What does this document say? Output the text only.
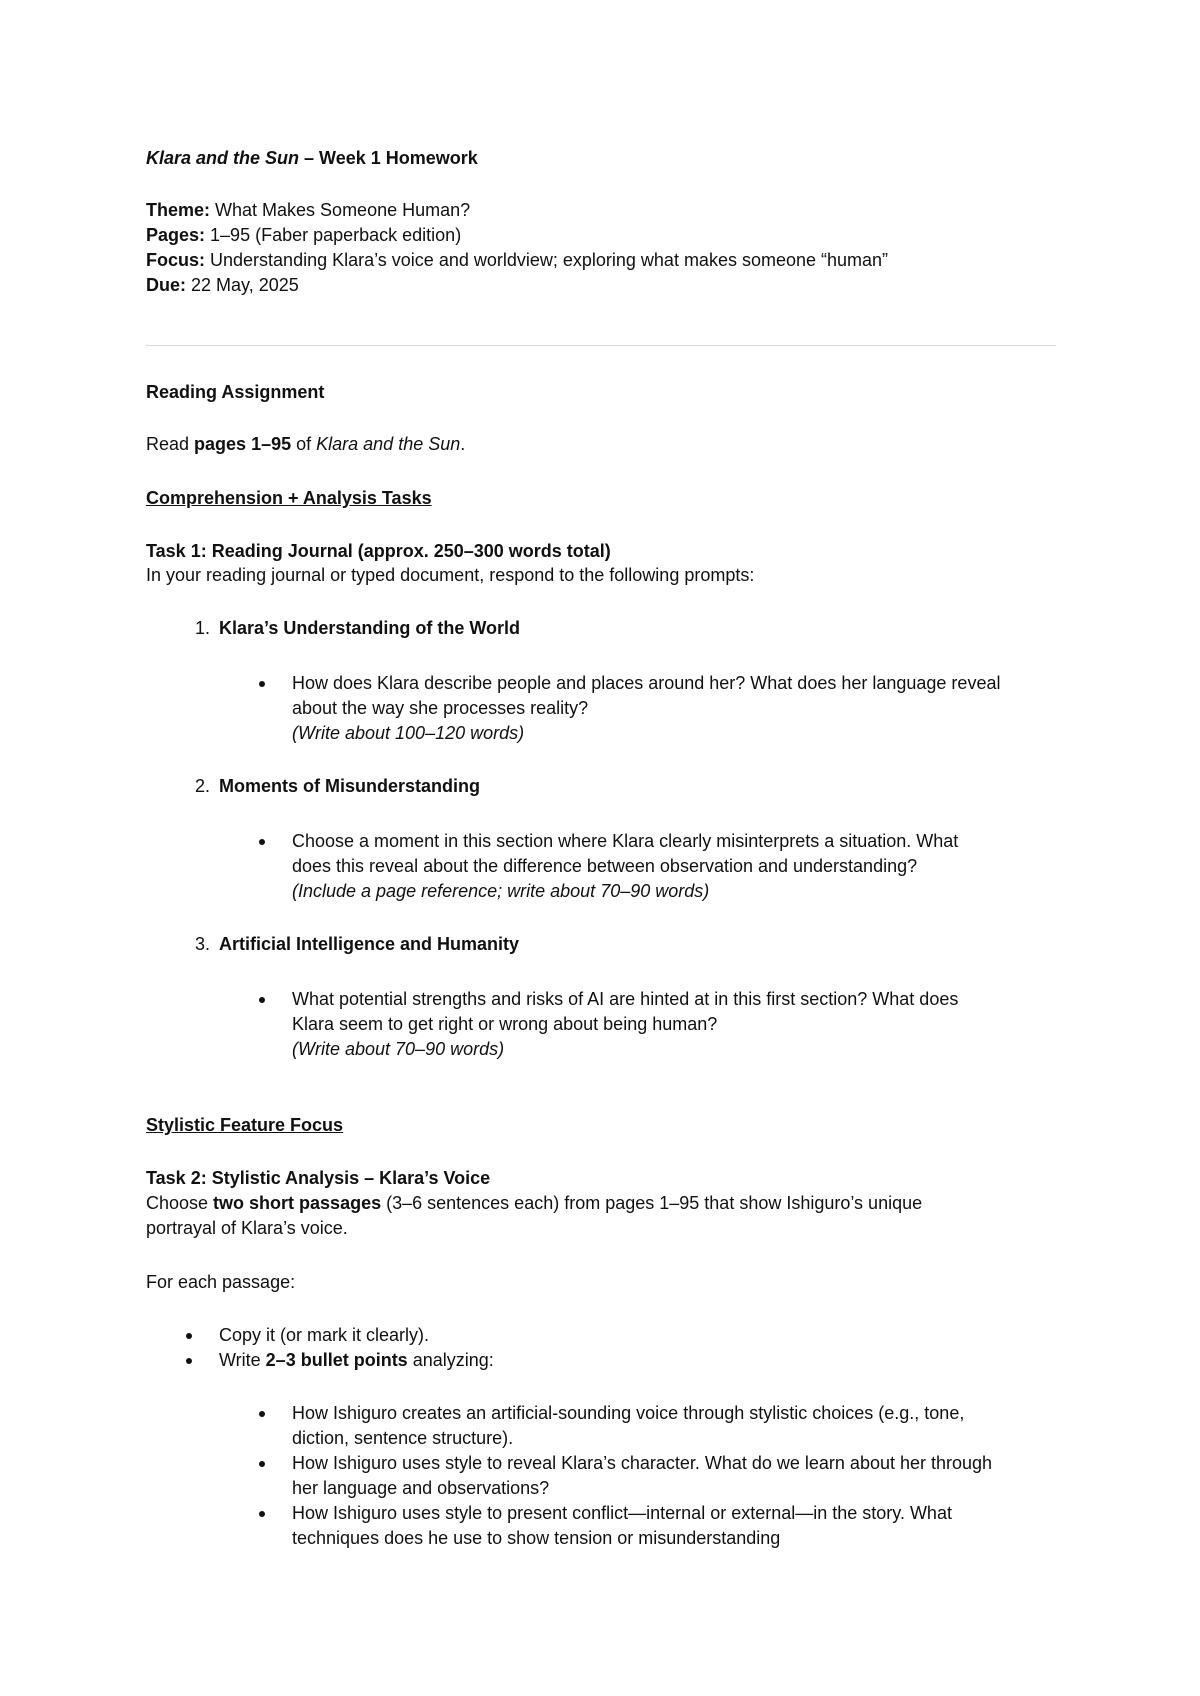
Klara and the Sun – Week 1 Homework
Theme: What Makes Someone Human?
Pages: 1–95 (Faber paperback edition)
Focus: Understanding Klara’s voice and worldview; exploring what makes someone “human”
Due: 22 May, 2025
Reading Assignment
Read pages 1–95 of Klara and the Sun.
Comprehension + Analysis Tasks
Task 1: Reading Journal (approx. 250–300 words total)
In your reading journal or typed document, respond to the following prompts:
1. Klara’s Understanding of the World
How does Klara describe people and places around her? What does her language reveal
about the way she processes reality?
(Write about 100–120 words)
2. Moments of Misunderstanding
Choose a moment in this section where Klara clearly misinterprets a situation. What
does this reveal about the difference between observation and understanding?
(Include a page reference; write about 70–90 words)
3. Artificial Intelligence and Humanity
What potential strengths and risks of AI are hinted at in this first section? What does
Klara seem to get right or wrong about being human?
(Write about 70–90 words)
Stylistic Feature Focus
Task 2: Stylistic Analysis – Klara’s Voice
Choose two short passages (3–6 sentences each) from pages 1–95 that show Ishiguro’s unique
portrayal of Klara’s voice.
For each passage:
Copy it (or mark it clearly).
Write 2–3 bullet points analyzing:
How Ishiguro creates an artificial-sounding voice through stylistic choices (e.g., tone,
diction, sentence structure).
How Ishiguro uses style to reveal Klara’s character. What do we learn about her through
her language and observations?
How Ishiguro uses style to present conflict—internal or external—in the story. What
techniques does he use to show tension or misunderstanding
